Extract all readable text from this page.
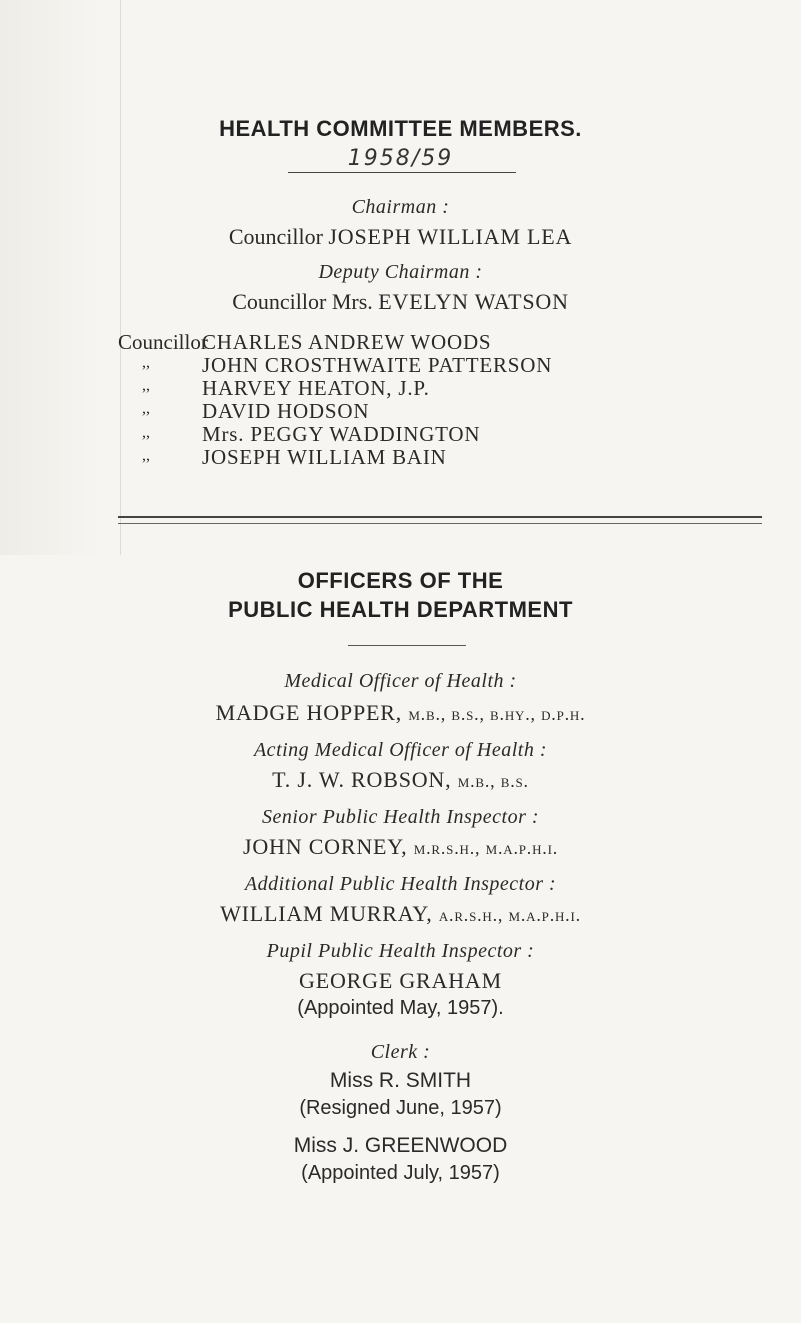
HEALTH COMMITTEE MEMBERS.
1958/59
Chairman :
Councillor JOSEPH WILLIAM LEA
Deputy Chairman :
Councillor Mrs. EVELYN WATSON
Councillor
CHARLES ANDREW WOODS
,, JOHN CROSTHWAITE PATTERSON
,, HARVEY HEATON, J.P.
,, DAVID HODSON
,, Mrs. PEGGY WADDINGTON
,, JOSEPH WILLIAM BAIN
OFFICERS OF THE
PUBLIC HEALTH DEPARTMENT
Medical Officer of Health :
MADGE HOPPER, m.b., b.s., b.hy., d.p.h.
Acting Medical Officer of Health :
T. J. W. ROBSON, m.b., b.s.
Senior Public Health Inspector :
JOHN CORNEY, m.r.s.h., m.a.p.h.i.
Additional Public Health Inspector :
WILLIAM MURRAY, a.r.s.h., m.a.p.h.i.
Pupil Public Health Inspector :
GEORGE GRAHAM
(Appointed May, 1957).
Clerk :
Miss R. SMITH
(Resigned June, 1957)
Miss J. GREENWOOD
(Appointed July, 1957)
